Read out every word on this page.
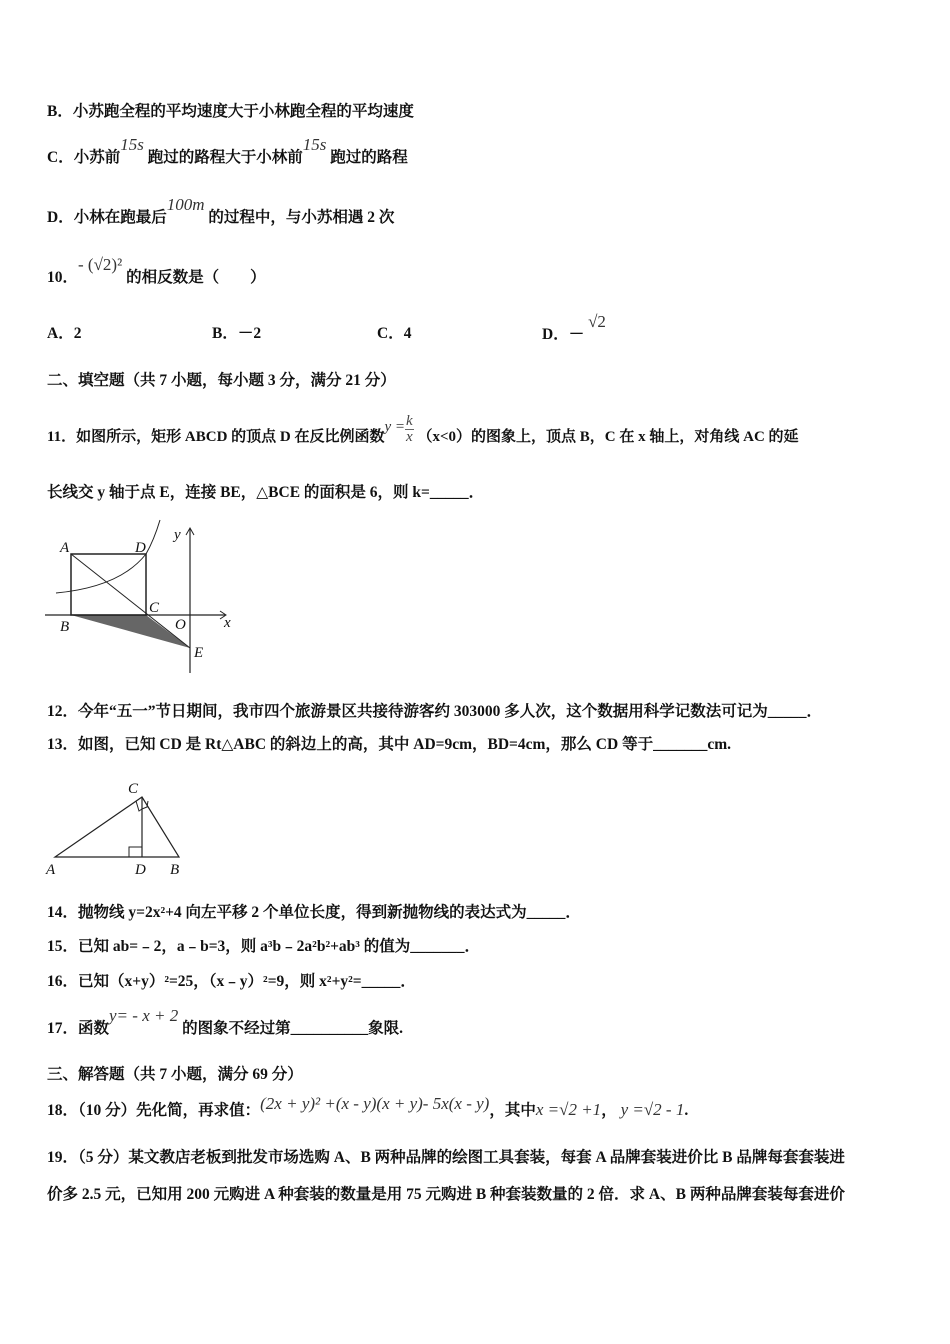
B．小苏跑全程的平均速度大于小林跑全程的平均速度
C．小苏前15s 跑过的路程大于小林前15s 跑过的路程
D．小林在跑最后100m 的过程中，与小苏相遇 2 次
10．- (√2)² 的相反数是（　　）
A．2	B．－2	C．4	D．－ √2
二、填空题（共 7 小题，每小题 3 分，满分 21 分）
11．如图所示，矩形 ABCD 的顶点 D 在反比例函数$y = \frac{k}{x} (x<0)$的图象上，顶点 B，C 在 x 轴上，对角线 AC 的延
长线交 y 轴于点 E，连接 BE，△BCE 的面积是 6，则 k=_____．
A	D
y
C
B	O	x
E
12．今年“五一”节日期间，我市四个旅游景区共接待游客约 303000 多人次，这个数据用科学记数法可记为_____．
13．如图，已知 CD 是 Rt△ABC 的斜边上的高，其中 AD=9cm，BD=4cm，那么 CD 等于_______cm.
C
A	D B
14．抛物线 y=2x²+4 向左平移 2 个单位长度，得到新抛物线的表达式为_____．
15．已知 ab=﹣2，a﹣b=3，则 a³b﹣2a²b²+ab³ 的值为_______．
16．已知（x+y）²=25，（x﹣y）²=9，则 x²+y²=_____．
17．函数y= - x + 2 的图象不经过第__________象限.
三、解答题（共 7 小题，满分 69 分）
18．（10 分）先化简，再求值：(2x + y)² +(x - y)(x + y)- 5x(x - y)，其中x =√2 +1， y =√2 - 1.
19．（5 分）某文教店老板到批发市场选购 A、B 两种品牌的绘图工具套装，每套 A 品牌套装进价比 B 品牌每套套装进
价多 2.5 元，已知用 200 元购进 A 种套装的数量是用 75 元购进 B 种套装数量的 2 倍．求 A、B 两种品牌套装每套进价
